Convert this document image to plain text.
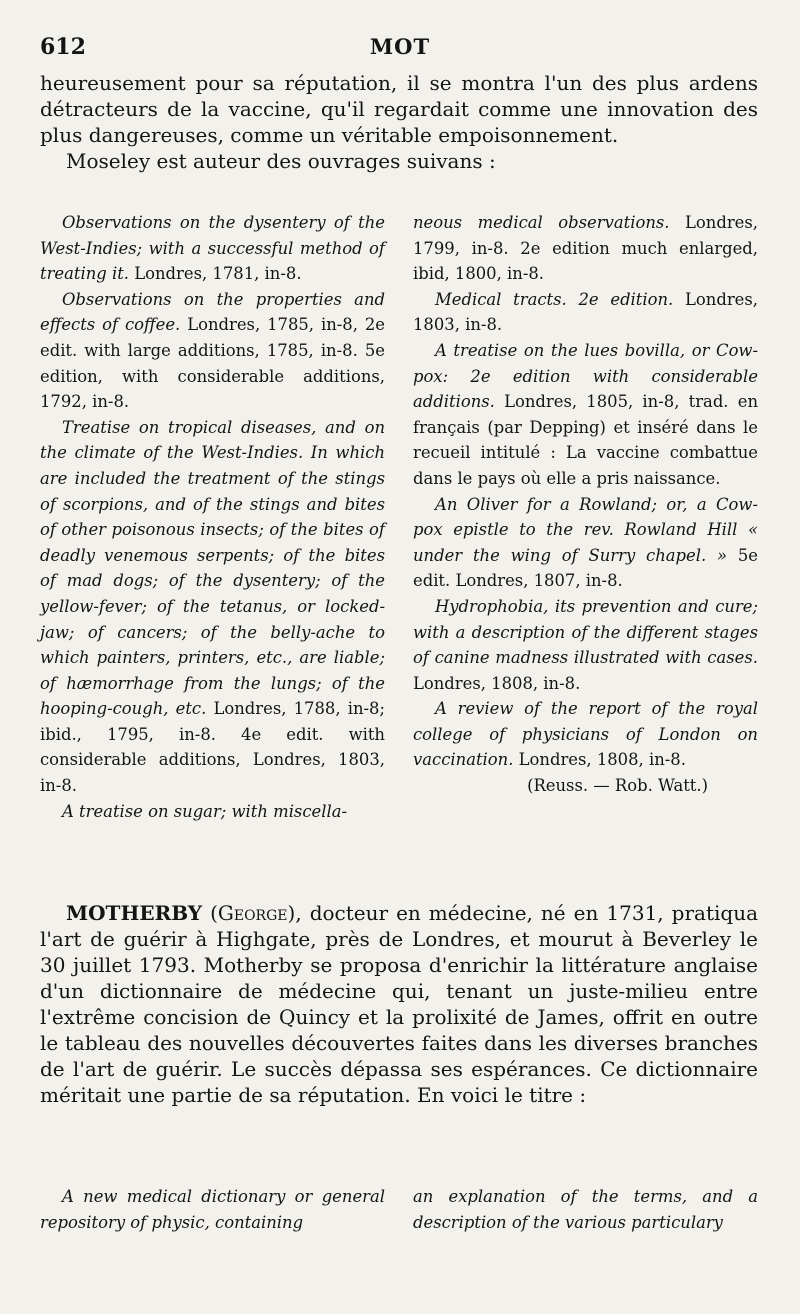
612	MOT

heureusement pour sa réputation, il se montra l'un des plus ardens détracteurs de la vaccine, qu'il regardait comme une innovation des plus dangereuses, comme un véritable empoisonnement.

Moseley est auteur des ouvrages suivans :

Observations on the dysentery of the West-Indies; with a successful method of treating it. Londres, 1781, in-8.

Observations on the properties and effects of coffee. Londres, 1785, in-8, 2e edit. with large additions, 1785, in-8. 5e edition, with considerable additions, 1792, in-8.

Treatise on tropical diseases, and on the climate of the West-Indies. In which are included the treatment of the stings of scorpions, and of the stings and bites of other poisonous insects; of the bites of deadly venemous serpents; of the bites of mad dogs; of the dysentery; of the yellow-fever; of the tetanus, or locked-jaw; of cancers; of the belly-ache to which painters, printers, etc., are liable; of hæmorrhage from the lungs; of the hooping-cough, etc. Londres, 1788, in-8; ibid., 1795, in-8. 4e edit. with considerable additions, Londres, 1803, in-8.

A treatise on sugar; with miscella-

neous medical observations. Londres, 1799, in-8. 2e edition much enlarged, ibid, 1800, in-8.

Medical tracts. 2e edition. Londres, 1803, in-8.

A treatise on the lues bovilla, or Cow-pox: 2e edition with considerable additions. Londres, 1805, in-8, trad. en français (par Depping) et inséré dans le recueil intitulé : La vaccine combattue dans le pays où elle a pris naissance.

An Oliver for a Rowland; or, a Cow-pox epistle to the rev. Rowland Hill « under the wing of Surry chapel. » 5e edit. Londres, 1807, in-8.

Hydrophobia, its prevention and cure; with a description of the different stages of canine madness illustrated with cases. Londres, 1808, in-8.

A review of the report of the royal college of physicians of London on vaccination. Londres, 1808, in-8.

(Reuss. — Rob. Watt.)

MOTHERBY (George), docteur en médecine, né en 1731, pratiqua l'art de guérir à Highgate, près de Londres, et mourut à Beverley le 30 juillet 1793. Motherby se proposa d'enrichir la littérature anglaise d'un dictionnaire de médecine qui, tenant un juste-milieu entre l'extrême concision de Quincy et la prolixité de James, offrit en outre le tableau des nouvelles découvertes faites dans les diverses branches de l'art de guérir. Le succès dépassa ses espérances. Ce dictionnaire méritait une partie de sa réputation. En voici le titre :

A new medical dictionary or general repository of physic, containing

an explanation of the terms, and a description of the various particulary
